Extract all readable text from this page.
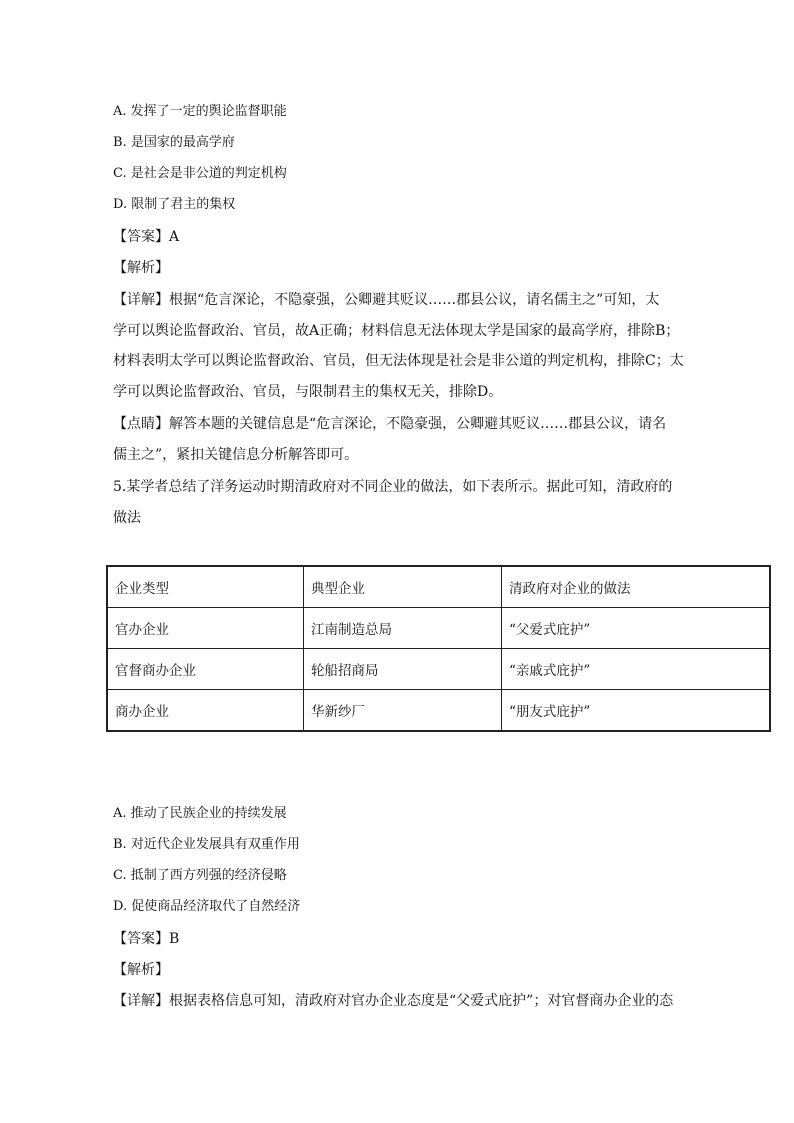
A. 发挥了一定的舆论监督职能
B. 是国家的最高学府
C. 是社会是非公道的判定机构
D. 限制了君主的集权
【答案】A
【解析】
【详解】根据“危言深论，不隐豪强，公卿避其贬议……郡县公议，请名儒主之”可知，太
学可以舆论监督政治、官员，故A正确；材料信息无法体现太学是国家的最高学府，排除B；
材料表明太学可以舆论监督政治、官员，但无法体现是社会是非公道的判定机构，排除C；太
学可以舆论监督政治、官员，与限制君主的集权无关，排除D。
【点睛】解答本题的关键信息是“危言深论，不隐豪强，公卿避其贬议……郡县公议，请名
儒主之”，紧扣关键信息分析解答即可。
5.某学者总结了洋务运动时期清政府对不同企业的做法，如下表所示。据此可知，清政府的
做法
企业类型	典型企业	清政府对企业的做法
官办企业	江南制造总局	“父爱式庇护”
官督商办企业	轮船招商局	“亲戚式庇护”
商办企业	华新纱厂	“朋友式庇护”
A. 推动了民族企业的持续发展
B. 对近代企业发展具有双重作用
C. 抵制了西方列强的经济侵略
D. 促使商品经济取代了自然经济
【答案】B
【解析】
【详解】根据表格信息可知，清政府对官办企业态度是“父爱式庇护”；对官督商办企业的态
